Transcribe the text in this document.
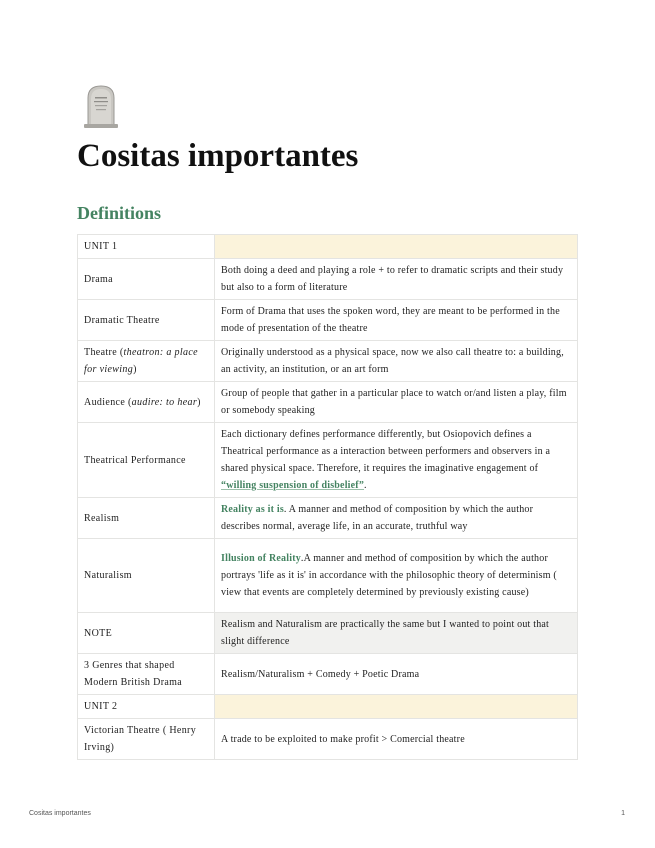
Cositas importantes
Definitions
UNIT 1	
Drama	Both doing a deed and playing a role + to refer to dramatic scripts and their study but also to a form of literature
Dramatic Theatre	Form of Drama that uses the spoken word, they are meant to be performed in the mode of presentation of the theatre
Theatre (theatron: a place for viewing)	Originally understood as a physical space, now we also call theatre to: a building, an activity, an institution, or an art form
Audience (audire: to hear)	Group of people that gather in a particular place to watch or/and listen a play, film or somebody speaking
Theatrical Performance	Each dictionary defines performance differently, but Osiopovich defines a Theatrical performance as a interaction between performers and observers in a shared physical space. Therefore, it requires the imaginative engagement of “willing suspension of disbelief”.
Realism	Reality as it is. A manner and method of composition by which the author describes normal, average life, in an accurate, truthful way
Naturalism	Illusion of Reality.A manner and method of composition by which the author portrays 'life as it is' in accordance with the philosophic theory of determinism ( view that events are completely determined by previously existing cause)
NOTE	Realism and Naturalism are practically the same but I wanted to point out that slight difference
3 Genres that shaped Modern British Drama	Realism/Naturalism + Comedy + Poetic Drama
UNIT 2	
Victorian Theatre ( Henry Irving)	A trade to be exploited to make profit > Comercial theatre
Cositas importantes	1
